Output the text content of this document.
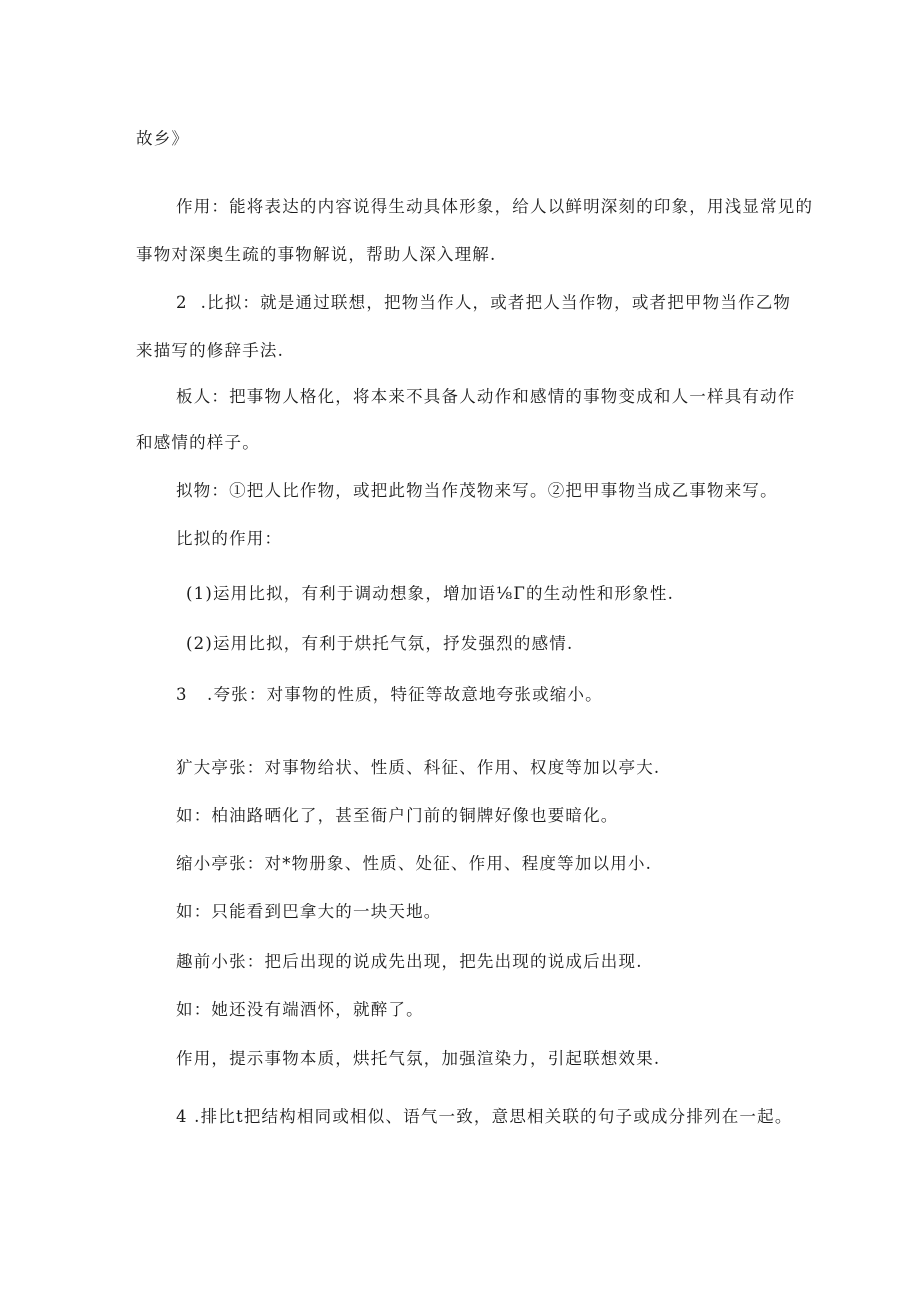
故乡》

作用：能将表达的内容说得生动具体形象，给人以鲜明深刻的印象，用浅显常见的

事物对深奥生疏的事物解说，帮助人深入理解.

2  .比拟：就是通过联想，把物当作人，或者把人当作物，或者把甲物当作乙物

来描写的修辞手法.

板人：把事物人格化，将本来不具备人动作和感情的事物变成和人一样具有动作

和感情的样子。

拟物：①把人比作物，或把此物当作茂物来写。②把甲事物当成乙事物来写。

比拟的作用：

(1)运用比拟，有利于调动想象，增加语⅛Γ的生动性和形象性.

(2)运用比拟，有利于烘托气氛，抒发强烈的感情.

3   .夸张：对事物的性质，特征等故意地夸张或缩小。

犷大亭张：对事物给状、性质、科征、作用、权度等加以亭大.

如：柏油路晒化了，甚至衙户门前的铜牌好像也要暗化。

缩小亭张：对*物册象、性质、处征、作用、程度等加以用小.

如：只能看到巴拿大的一块天地。

趣前小张：把后出现的说成先出现，把先出现的说成后出现.

如：她还没有端酒怀，就醉了。

作用，提示事物本质，烘托气氛，加强渲染力，引起联想效果.

4 .排比t把结构相同或相似、语气一致，意思相关联的句子或成分排列在一起。
